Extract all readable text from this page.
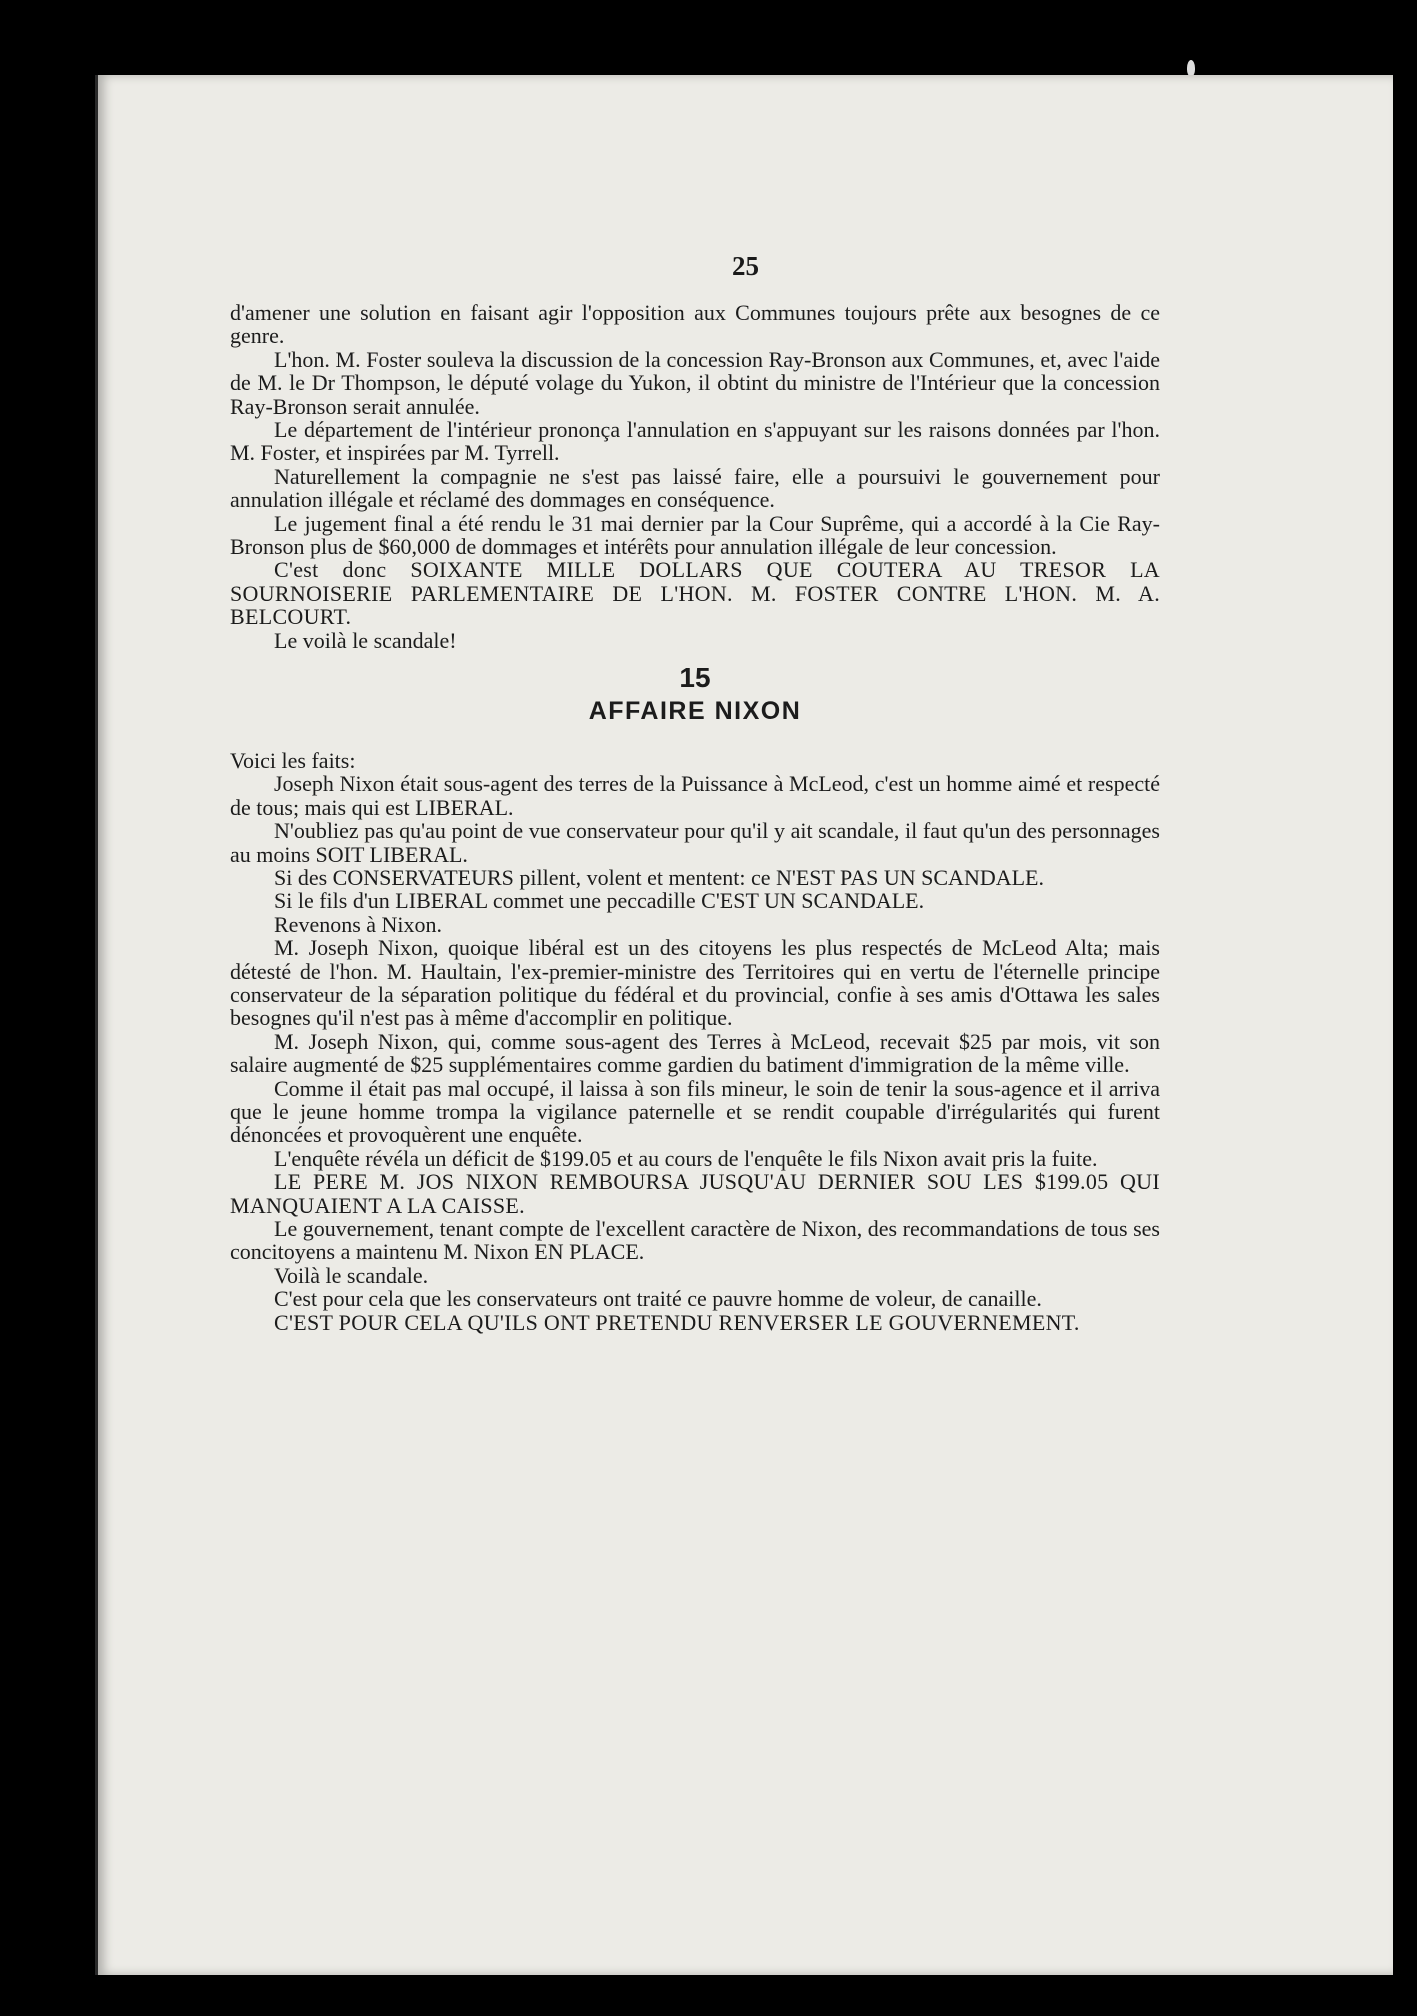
25

d'amener une solution en faisant agir l'opposition aux Communes toujours prête aux besognes de ce genre.

L'hon. M. Foster souleva la discussion de la concession Ray-Bronson aux Communes, et, avec l'aide de M. le Dr Thompson, le député volage du Yukon, il obtint du ministre de l'Intérieur que la concession Ray-Bronson serait annulée.

Le département de l'intérieur prononça l'annulation en s'appuyant sur les raisons données par l'hon. M. Foster, et inspirées par M. Tyrrell.

Naturellement la compagnie ne s'est pas laissé faire, elle a poursuivi le gouvernement pour annulation illégale et réclamé des dommages en conséquence.

Le jugement final a été rendu le 31 mai dernier par la Cour Suprême, qui a accordé à la Cie Ray-Bronson plus de $60,000 de dommages et intérêts pour annulation illégale de leur concession.

C'est donc SOIXANTE MILLE DOLLARS QUE COUTERA AU TRESOR LA SOURNOISERIE PARLEMENTAIRE DE L'HON. M. FOSTER CONTRE L'HON. M. A. BELCOURT.

Le voilà le scandale!

15
AFFAIRE NIXON

Voici les faits:

Joseph Nixon était sous-agent des terres de la Puissance à McLeod, c'est un homme aimé et respecté de tous; mais qui est LIBERAL.

N'oubliez pas qu'au point de vue conservateur pour qu'il y ait scandale, il faut qu'un des personnages au moins SOIT LIBERAL.

Si des CONSERVATEURS pillent, volent et mentent: ce N'EST PAS UN SCANDALE.

Si le fils d'un LIBERAL commet une peccadille C'EST UN SCANDALE.

Revenons à Nixon.

M. Joseph Nixon, quoique libéral est un des citoyens les plus respectés de McLeod Alta; mais détesté de l'hon. M. Haultain, l'ex-premier-ministre des Territoires qui en vertu de l'éternelle principe conservateur de la séparation politique du fédéral et du provincial, confie à ses amis d'Ottawa les sales besognes qu'il n'est pas à même d'accomplir en politique.

M. Joseph Nixon, qui, comme sous-agent des Terres à McLeod, recevait $25 par mois, vit son salaire augmenté de $25 supplémentaires comme gardien du batiment d'immigration de la même ville.

Comme il était pas mal occupé, il laissa à son fils mineur, le soin de tenir la sous-agence et il arriva que le jeune homme trompa la vigilance paternelle et se rendit coupable d'irrégularités qui furent dénoncées et provoquèrent une enquête.

L'enquête révéla un déficit de $199.05 et au cours de l'enquête le fils Nixon avait pris la fuite.

LE PERE M. JOS NIXON REMBOURSA JUSQU'AU DERNIER SOU LES $199.05 QUI MANQUAIENT A LA CAISSE.

Le gouvernement, tenant compte de l'excellent caractère de Nixon, des recommandations de tous ses concitoyens a maintenu M. Nixon EN PLACE.

Voilà le scandale.

C'est pour cela que les conservateurs ont traité ce pauvre homme de voleur, de canaille.

C'EST POUR CELA QU'ILS ONT PRETENDU RENVERSER LE GOUVERNEMENT.
